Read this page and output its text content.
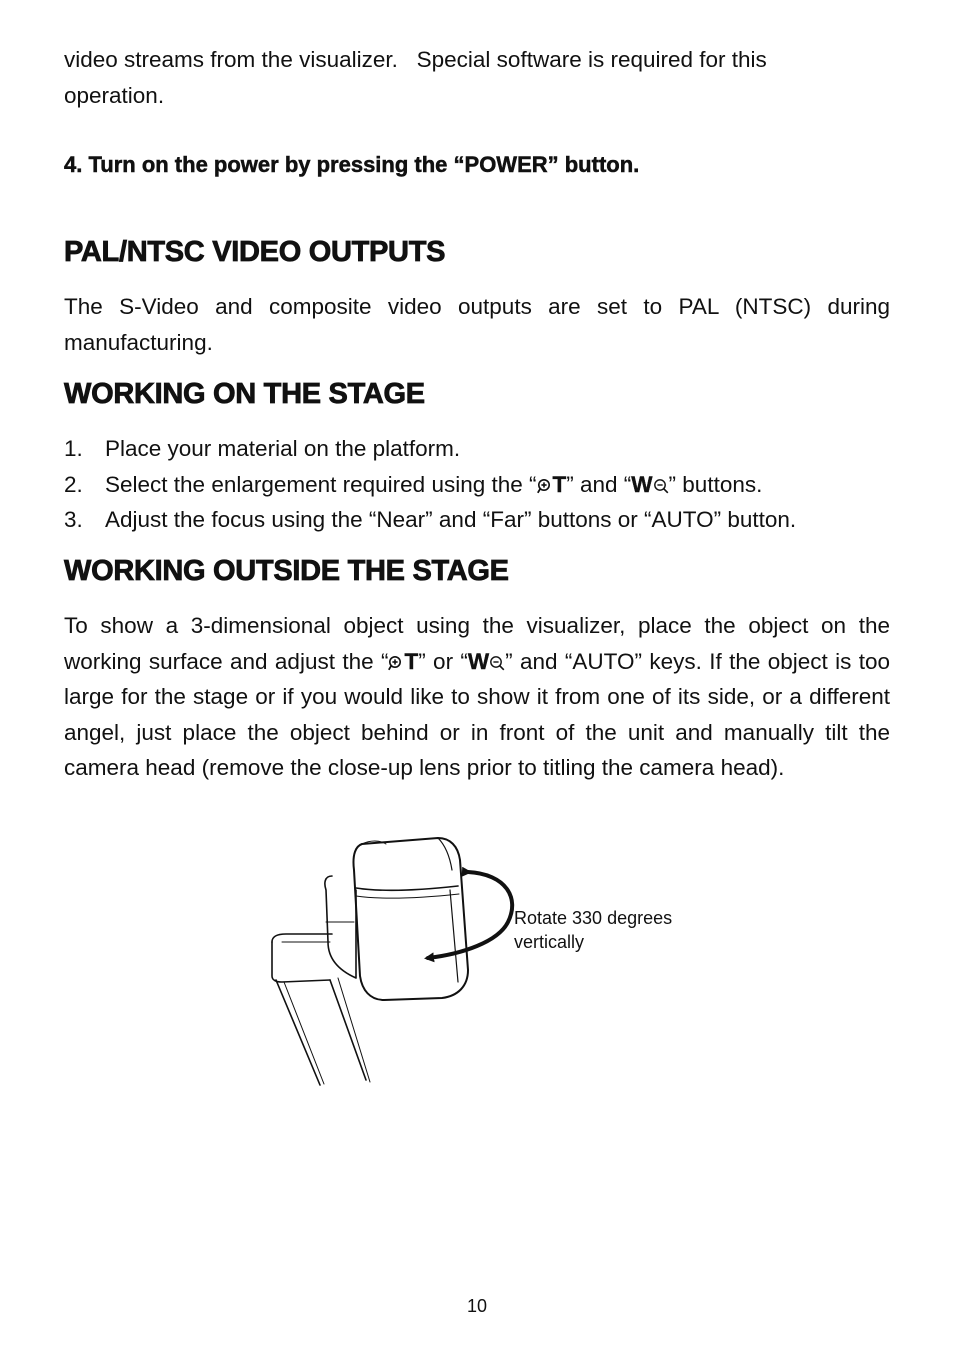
video streams from the visualizer.   Special software is required for this
operation.

4. Turn on the power by pressing the “POWER” button.

PAL/NTSC VIDEO OUTPUTS

The S-Video and composite video outputs are set to PAL (NTSC) during manufacturing.

WORKING ON THE STAGE
1. Place your material on the platform.
2. Select the enlargement required using the “ T” and “W ” buttons.
3. Adjust the focus using the “Near” and “Far” buttons or “AUTO” button.
WORKING OUTSIDE THE STAGE

To show a 3-dimensional object using the visualizer, place the object on the working surface and adjust the “ T” or “W ” and “AUTO” keys. If the object is too large for the stage or if you would like to show it from one of its side, or a different angel, just place the object behind or in front of the unit and manually tilt the camera head (remove the close-up lens prior to titling the camera head).

Rotate 330 degrees
vertically

10
